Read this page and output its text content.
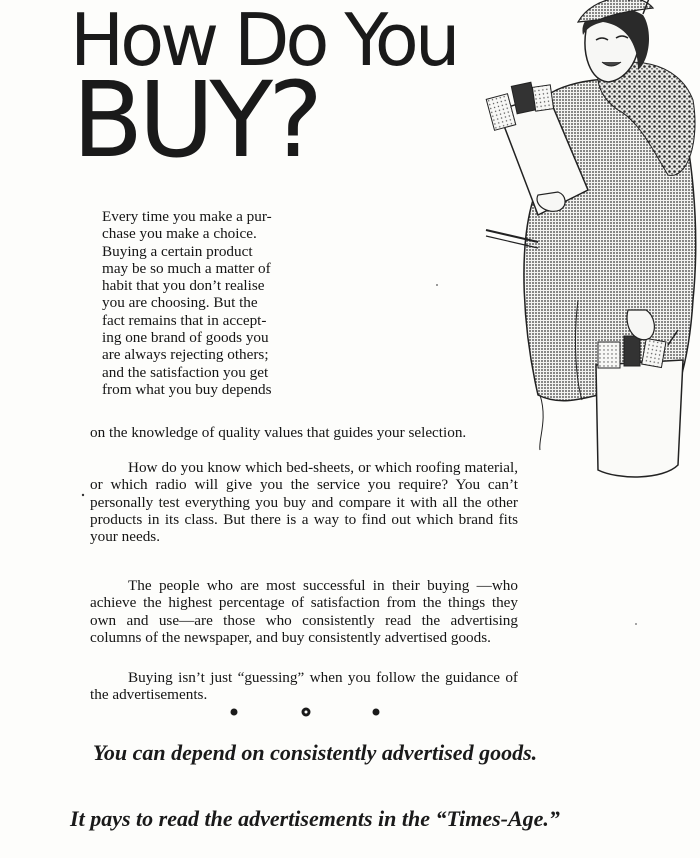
How Do You
BUY?
Every time you make a pur-
chase you make a choice.
Buying a certain product
may be so much a matter of
habit that you don’t realise
you are choosing. But the
fact remains that in accept-
ing one brand of goods you
are always rejecting others;
and the satisfaction you get
from what you buy depends

on the knowledge of quality values that guides your selection.

How do you know which bed-sheets, or which roofing material, or which radio will give you the service you require? You can’t personally test everything you buy and compare it with all the other products in its class. But there is a way to find out which brand fits your needs.

The people who are most successful in their buying —who achieve the highest percentage of satisfaction from the things they own and use—are those who consistently read the advertising columns of the newspaper, and buy consistently advertised goods.

Buying isn’t just “guessing” when you follow the guidance of the advertisements.

You can depend on consistently advertised goods.

It pays to read the advertisements in the “Times-Age.”
